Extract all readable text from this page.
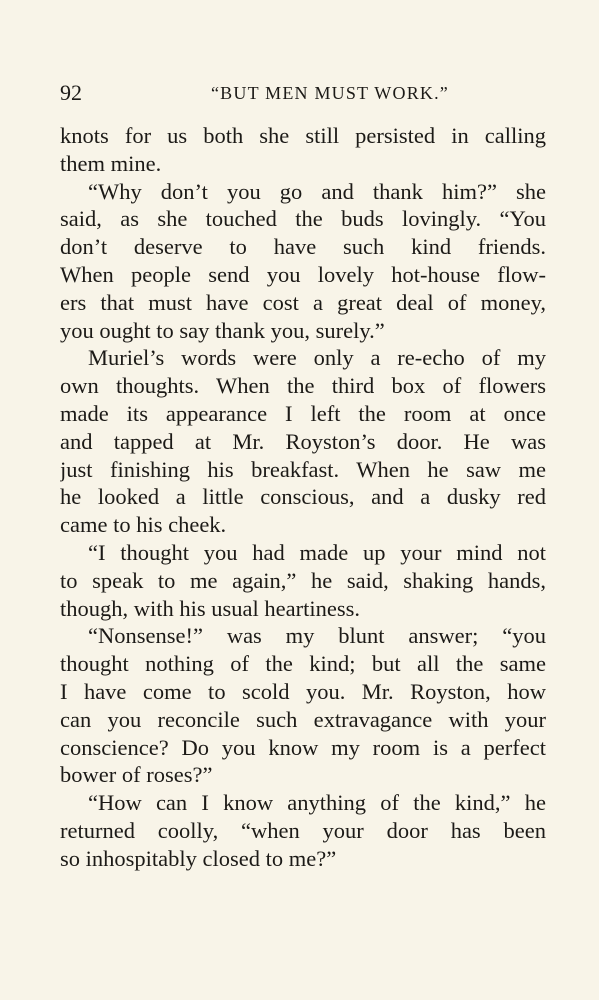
92	“BUT MEN MUST WORK.”
knots for us both she still persisted in calling
them mine.
“Why don’t you go and thank him?” she
said, as she touched the buds lovingly. “You
don’t deserve to have such kind friends.
When people send you lovely hot-house flow-
ers that must have cost a great deal of money,
you ought to say thank you, surely.”
Muriel’s words were only a re-echo of my
own thoughts. When the third box of flowers
made its appearance I left the room at once
and tapped at Mr. Royston’s door. He was
just finishing his breakfast. When he saw me
he looked a little conscious, and a dusky red
came to his cheek.
“I thought you had made up your mind not
to speak to me again,” he said, shaking hands,
though, with his usual heartiness.
“Nonsense!” was my blunt answer; “you
thought nothing of the kind; but all the same
I have come to scold you. Mr. Royston, how
can you reconcile such extravagance with your
conscience? Do you know my room is a perfect
bower of roses?”
“How can I know anything of the kind,” he
returned coolly, “when your door has been
so inhospitably closed to me?”
